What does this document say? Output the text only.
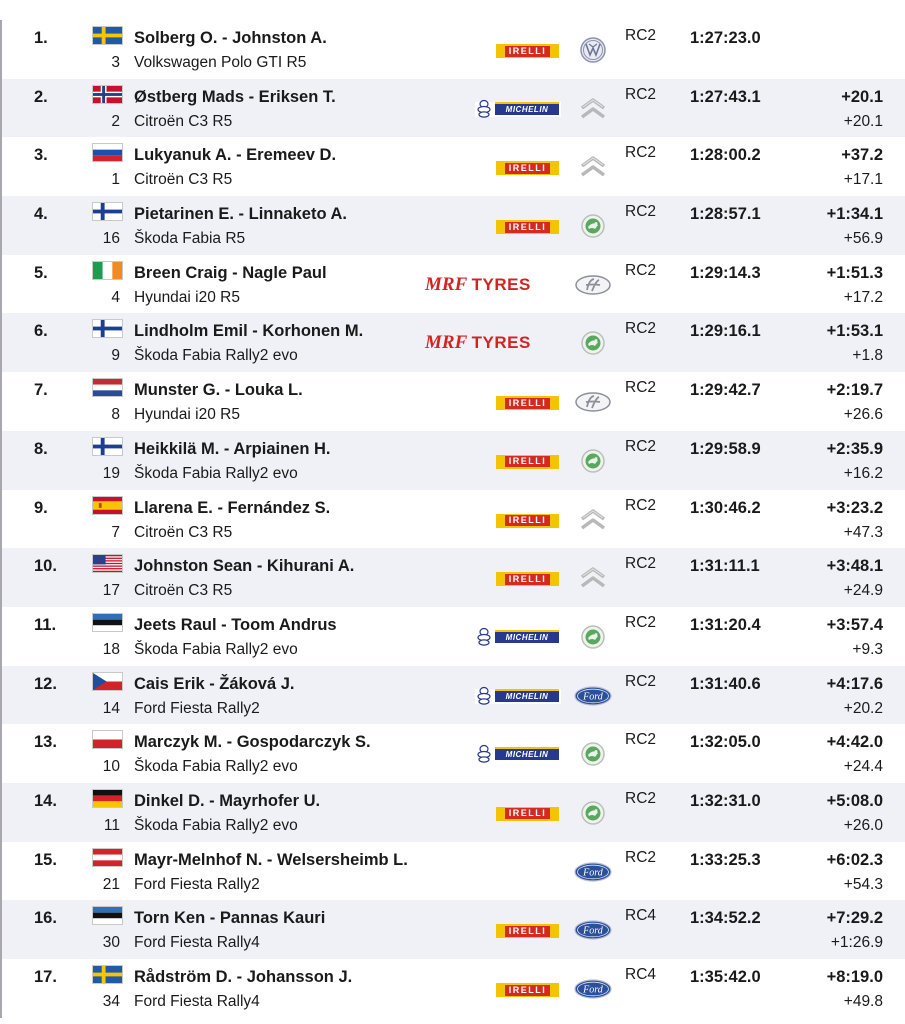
1.	Solberg O. - Johnston A.
3 Volkswagen Polo GTI R5
IRELLI
RC2 1:27:23.0
2.	Østberg Mads - Eriksen T.
2 Citroën C3 R5
MICHELIN
RC2 1:27:43.1	+20.1
+20.1
3.	Lukyanuk A. - Eremeev D.
1 Citroën C3 R5
IRELLI
RC2 1:28:00.2	+37.2
+17.1
4.	Pietarinen E. - Linnaketo A.
16 Škoda Fabia R5
IRELLI
RC2 1:28:57.1	+1:34.1
+56.9
5.	Breen Craig - Nagle Paul
4 Hyundai i20 R5
MRF TYRES
RC2 1:29:14.3	+1:51.3
+17.2
6.	Lindholm Emil - Korhonen M.
9 Škoda Fabia Rally2 evo
MRF TYRES
RC2 1:29:16.1	+1:53.1
+1.8
7.	Munster G. - Louka L.
8 Hyundai i20 R5
IRELLI
RC2 1:29:42.7	+2:19.7
+26.6
8.	Heikkilä M. - Arpiainen H.
19 Škoda Fabia Rally2 evo
IRELLI
RC2 1:29:58.9	+2:35.9
+16.2
9.	Llarena E. - Fernández S.
7 Citroën C3 R5
IRELLI
RC2 1:30:46.2	+3:23.2
+47.3
10.	Johnston Sean - Kihurani A.
17 Citroën C3 R5
IRELLI
RC2 1:31:11.1	+3:48.1
+24.9
11.	Jeets Raul - Toom Andrus
18 Škoda Fabia Rally2 evo
MICHELIN
RC2 1:31:20.4	+3:57.4
+9.3
12.	Cais Erik - Žáková J.
14 Ford Fiesta Rally2
MICHELIN	Ford
RC2 1:31:40.6	+4:17.6
+20.2
13.	Marczyk M. - Gospodarczyk S.
10 Škoda Fabia Rally2 evo
MICHELIN
RC2 1:32:05.0	+4:42.0
+24.4
14.	Dinkel D. - Mayrhofer U.
11 Škoda Fabia Rally2 evo
IRELLI
RC2 1:32:31.0	+5:08.0
+26.0
15.	Mayr-Melnhof N. - Welsersheimb L.
21 Ford Fiesta Rally2
Ford
RC2 1:33:25.3	+6:02.3
+54.3
16.	Torn Ken - Pannas Kauri
30 Ford Fiesta Rally4
IRELLI	Ford
RC4 1:34:52.2	+7:29.2
+1:26.9
17.	Rådström D. - Johansson J.
34 Ford Fiesta Rally4
IRELLI	Ford
RC4 1:35:42.0	+8:19.0
+49.8
